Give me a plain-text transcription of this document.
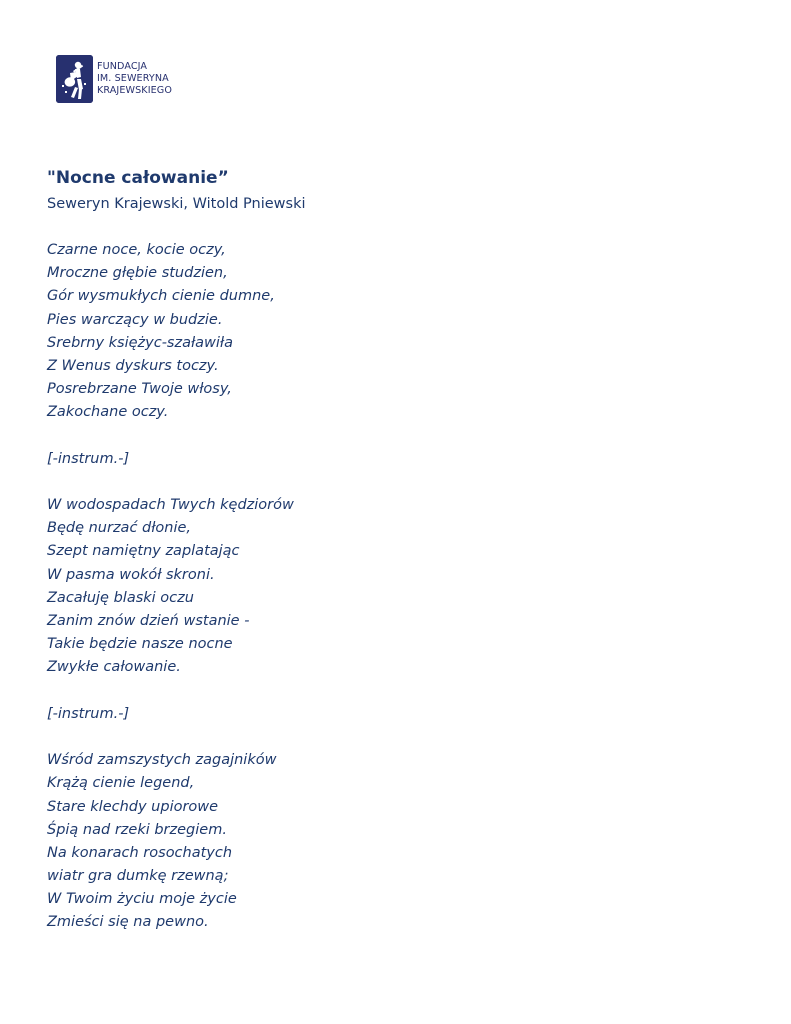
FUNDACJA
IM. SEWERYNA
KRAJEWSKIEGO
"Nocne całowanie”
Seweryn Krajewski, Witold Pniewski
Czarne noce, kocie oczy,
Mroczne głębie studzien,
Gór wysmukłych cienie dumne,
Pies warczący w budzie.
Srebrny księżyc-szaławiła
Z Wenus dyskurs toczy.
Posrebrzane Twoje włosy,
Zakochane oczy.
[-instrum.-]
W wodospadach Twych kędziorów
Będę nurzać dłonie,
Szept namiętny zaplatając
W pasma wokół skroni.
Zacałuję blaski oczu
Zanim znów dzień wstanie -
Takie będzie nasze nocne
Zwykłe całowanie.
[-instrum.-]
Wśród zamszystych zagajników
Krążą cienie legend,
Stare klechdy upiorowe
Śpią nad rzeki brzegiem.
Na konarach rosochatych
wiatr gra dumkę rzewną;
W Twoim życiu moje życie
Zmieści się na pewno.
